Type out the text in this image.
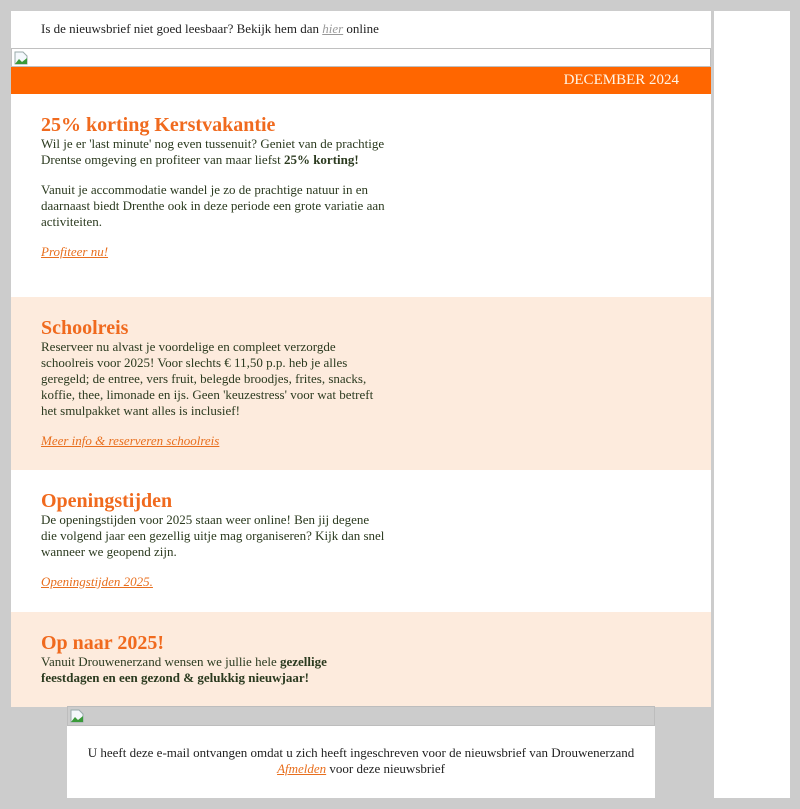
Is de nieuwsbrief niet goed leesbaar? Bekijk hem dan hier online
DECEMBER 2024
25% korting Kerstvakantie

Wil je er 'last minute' nog even tussenuit? Geniet van de prachtige Drentse omgeving en profiteer van maar liefst 25% korting!

Vanuit je accommodatie wandel je zo de prachtige natuur in en daarnaast biedt Drenthe ook in deze periode een grote variatie aan activiteiten.

Profiteer nu!

Schoolreis

Reserveer nu alvast je voordelige en compleet verzorgde schoolreis voor 2025! Voor slechts € 11,50 p.p. heb je alles geregeld; de entree, vers fruit, belegde broodjes, frites, snacks, koffie, thee, limonade en ijs. Geen 'keuzestress' voor wat betreft het smulpakket want alles is inclusief!

Meer info & reserveren schoolreis

Openingstijden

De openingstijden voor 2025 staan weer online! Ben jij degene die volgend jaar een gezellig uitje mag organiseren? Kijk dan snel wanneer we geopend zijn.

Openingstijden 2025.

Op naar 2025!

Vanuit Drouwenerzand wensen we jullie hele gezellige feestdagen en een gezond & gelukkig nieuwjaar!

U heeft deze e-mail ontvangen omdat u zich heeft ingeschreven voor de nieuwsbrief van Drouwenerzand
Afmelden voor deze nieuwsbrief
